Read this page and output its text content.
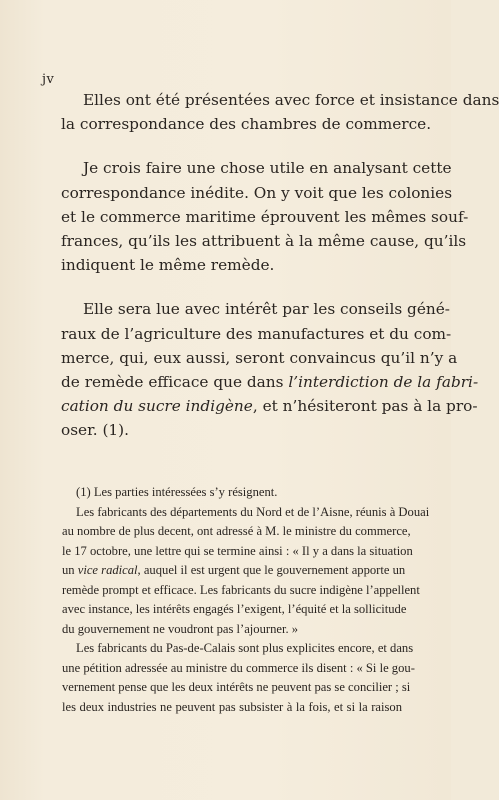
jv

Elles ont été présentées avec force et insistance dans
la correspondance des chambres de commerce.

Je crois faire une chose utile en analysant cette
correspondance inédite. On y voit que les colonies
et le commerce maritime éprouvent les mêmes souf-
frances, qu’ils les attribuent à la même cause, qu’ils
indiquent le même remède.

Elle sera lue avec intérêt par les conseils géné-
raux de l’agriculture des manufactures et du com-
merce, qui, eux aussi, seront convaincus qu’il n’y a
de remède efficace que dans l’interdiction de la fabri-
cation du sucre indigène, et n’hésiteront pas à la pro-
oser. (1).

(1) Les parties intéressées s’y résignent.
Les fabricants des départements du Nord et de l’Aisne, réunis à Douai
au nombre de plus decent, ont adressé à M. le ministre du commerce,
le 17 octobre, une lettre qui se termine ainsi : « Il y a dans la situation
un vice radical, auquel il est urgent que le gouvernement apporte un
remède prompt et efficace. Les fabricants du sucre indigène l’appellent
avec instance, les intérêts engagés l’exigent, l’équité et la sollicitude
du gouvernement ne voudront pas l’ajourner. »
Les fabricants du Pas-de-Calais sont plus explicites encore, et dans
une pétition adressée au ministre du commerce ils disent : « Si le gou-
vernement pense que les deux intérêts ne peuvent pas se concilier ; si
les deux industries ne peuvent pas subsister à la fois, et si la raison
